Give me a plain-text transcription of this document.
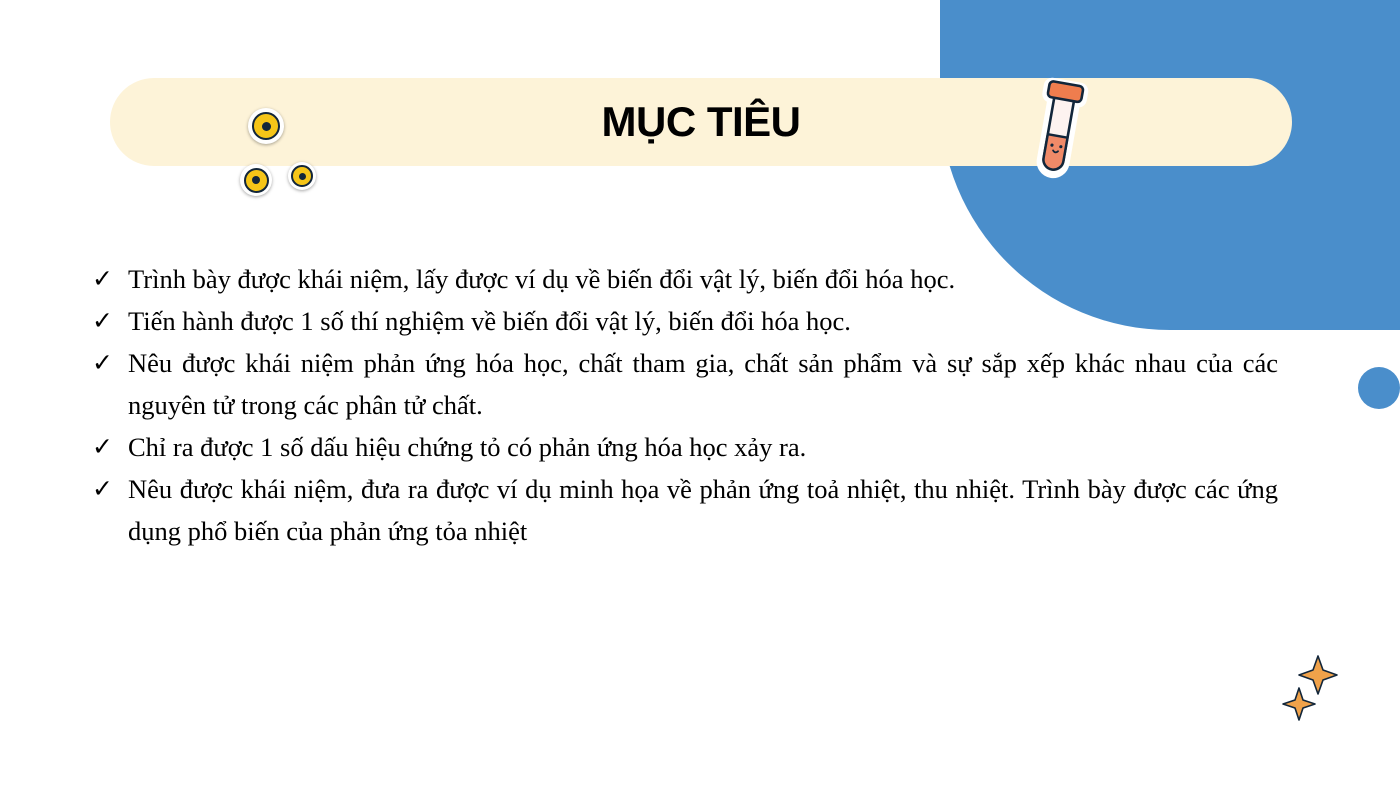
MỤC TIÊU
✓ Trình bày được khái niệm, lấy được ví dụ về biến đổi vật lý, biến đổi hóa học.
✓ Tiến hành được 1 số thí nghiệm về biến đổi vật lý, biến đổi hóa học.
✓ Nêu được khái niệm phản ứng hóa học, chất tham gia, chất sản phẩm và sự sắp xếp khác nhau của các nguyên tử trong các phân tử chất.
✓ Chỉ ra được 1 số dấu hiệu chứng tỏ có phản ứng hóa học xảy ra.
✓ Nêu được khái niệm, đưa ra được ví dụ minh họa về phản ứng toả nhiệt, thu nhiệt. Trình bày được các ứng dụng phổ biến của phản ứng tỏa nhiệt
